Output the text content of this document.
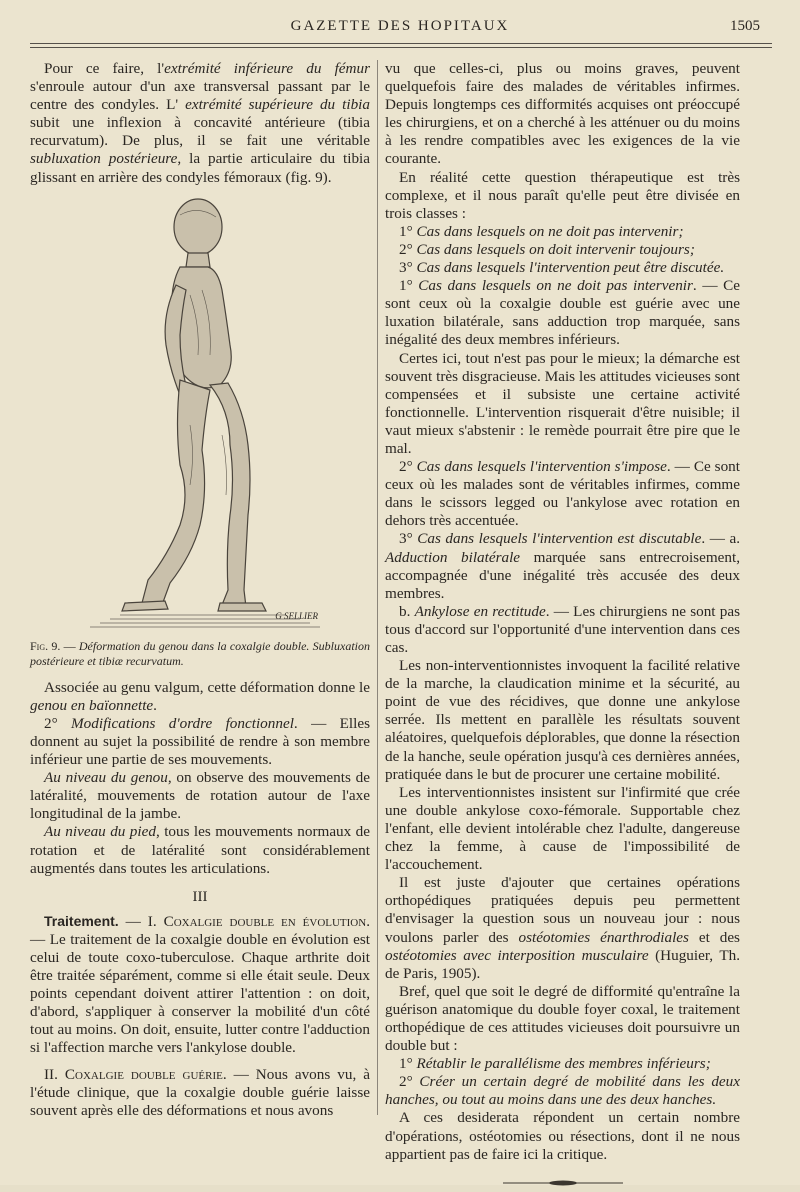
GAZETTE DES HOPITAUX	1505

Pour ce faire, l'extrémité inférieure du fémur s'enroule autour d'un axe transversal passant par le centre des condyles. L' extrémité supérieure du tibia subit une inflexion à concavité antérieure (tibia recurvatum). De plus, il se fait une véritable subluxation postérieure, la partie articulaire du tibia glissant en arrière des condyles fémoraux (fig. 9).

G SELLIER

Fig. 9. — Déformation du genou dans la coxalgie double. Subluxation postérieure et tibiæ recurvatum.

Associée au genu valgum, cette déformation donne le genou en baïonnette.

2° Modifications d'ordre fonctionnel. — Elles donnent au sujet la possibilité de rendre à son membre inférieur une partie de ses mouvements.

Au niveau du genou, on observe des mouvements de latéralité, mouvements de rotation autour de l'axe longitudinal de la jambe.

Au niveau du pied, tous les mouvements normaux de rotation et de latéralité sont considérablement augmentés dans toutes les articulations.

III

Traitement. — I. Coxalgie double en évolution. — Le traitement de la coxalgie double en évolution est celui de toute coxo-tuberculose. Chaque arthrite doit être traitée séparément, comme si elle était seule. Deux points cependant doivent attirer l'attention : on doit, d'abord, s'appliquer à conserver la mobilité d'un côté tout au moins. On doit, ensuite, lutter contre l'adduction si l'affection marche vers l'ankylose double.

II. Coxalgie double guérie. — Nous avons vu, à l'étude clinique, que la coxalgie double guérie laisse souvent après elle des déformations et nous avons

vu que celles-ci, plus ou moins graves, peuvent quelquefois faire des malades de véritables infirmes. Depuis longtemps ces difformités acquises ont préoccupé les chirurgiens, et on a cherché à les atténuer ou du moins à les rendre compatibles avec les exigences de la vie courante.

En réalité cette question thérapeutique est très complexe, et il nous paraît qu'elle peut être divisée en trois classes :

1° Cas dans lesquels on ne doit pas intervenir;

2° Cas dans lesquels on doit intervenir toujours;

3° Cas dans lesquels l'intervention peut être discutée.

1° Cas dans lesquels on ne doit pas intervenir. — Ce sont ceux où la coxalgie double est guérie avec une luxation bilatérale, sans adduction trop marquée, sans inégalité des deux membres inférieurs.

Certes ici, tout n'est pas pour le mieux; la démarche est souvent très disgracieuse. Mais les attitudes vicieuses sont compensées et il subsiste une certaine activité fonctionnelle. L'intervention risquerait d'être nuisible; il vaut mieux s'abstenir : le remède pourrait être pire que le mal.

2° Cas dans lesquels l'intervention s'impose. — Ce sont ceux où les malades sont de véritables infirmes, comme dans le scissors legged ou l'ankylose avec rotation en dehors très accentuée.

3° Cas dans lesquels l'intervention est discutable. — a. Adduction bilatérale marquée sans entrecroisement, accompagnée d'une inégalité très accusée des deux membres.

b. Ankylose en rectitude. — Les chirurgiens ne sont pas tous d'accord sur l'opportunité d'une intervention dans ces cas.

Les non-interventionnistes invoquent la facilité relative de la marche, la claudication minime et la sécurité, au point de vue des récidives, que donne une ankylose serrée. Ils mettent en parallèle les résultats souvent aléatoires, quelquefois déplorables, que donne la résection de la hanche, seule opération jusqu'à ces dernières années, pratiquée dans le but de procurer une certaine mobilité.

Les interventionnistes insistent sur l'infirmité que crée une double ankylose coxo-fémorale. Supportable chez l'enfant, elle devient intolérable chez l'adulte, dangereuse chez la femme, à cause de l'impossibilité de l'accouchement.

Il est juste d'ajouter que certaines opérations orthopédiques pratiquées depuis peu permettent d'envisager la question sous un nouveau jour : nous voulons parler des ostéotomies énarthrodiales et des ostéotomies avec interposition musculaire (Huguier, Th. de Paris, 1905).

Bref, quel que soit le degré de difformité qu'entraîne la guérison anatomique du double foyer coxal, le traitement orthopédique de ces attitudes vicieuses doit poursuivre un double but :

1° Rétablir le parallélisme des membres inférieurs;

2° Créer un certain degré de mobilité dans les deux hanches, ou tout au moins dans une des deux hanches.

A ces desiderata répondent un certain nombre d'opérations, ostéotomies ou résections, dont il ne nous appartient pas de faire ici la critique.
